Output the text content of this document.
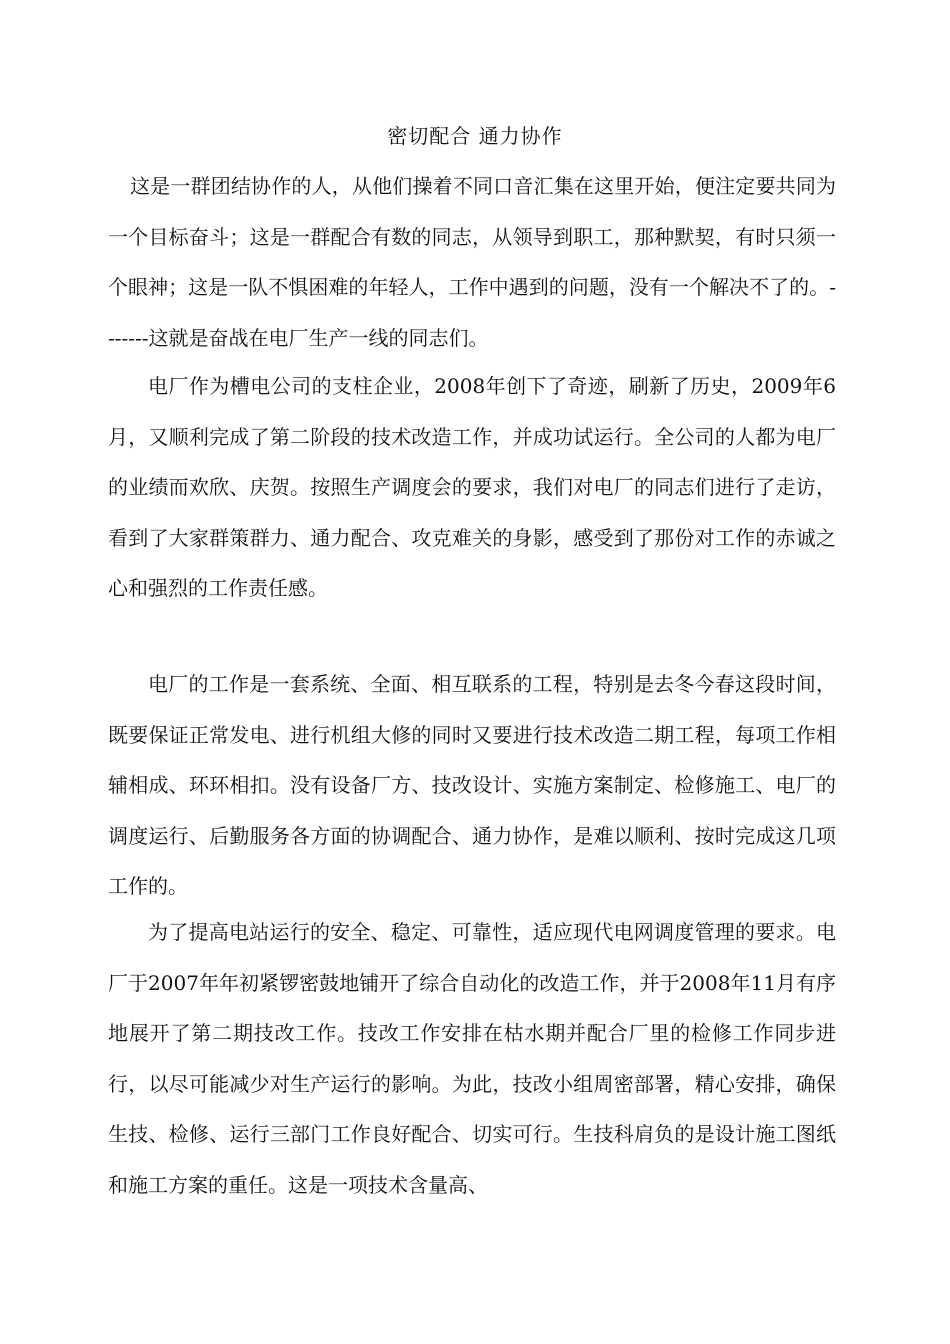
密切配合 通力协作

这是一群团结协作的人，从他们操着不同口音汇集在这里开始，便注定要共同为一个目标奋斗；这是一群配合有数的同志，从领导到职工，那种默契，有时只须一个眼神；这是一队不惧困难的年轻人，工作中遇到的问题，没有一个解决不了的。-------这就是奋战在电厂生产一线的同志们。

电厂作为槽电公司的支柱企业，2008年创下了奇迹，刷新了历史，2009年6月，又顺利完成了第二阶段的技术改造工作，并成功试运行。全公司的人都为电厂的业绩而欢欣、庆贺。按照生产调度会的要求，我们对电厂的同志们进行了走访，看到了大家群策群力、通力配合、攻克难关的身影，感受到了那份对工作的赤诚之心和强烈的工作责任感。

电厂的工作是一套系统、全面、相互联系的工程，特别是去冬今春这段时间，既要保证正常发电、进行机组大修的同时又要进行技术改造二期工程，每项工作相辅相成、环环相扣。没有设备厂方、技改设计、实施方案制定、检修施工、电厂的调度运行、后勤服务各方面的协调配合、通力协作，是难以顺利、按时完成这几项工作的。

为了提高电站运行的安全、稳定、可靠性，适应现代电网调度管理的要求。电厂于2007年年初紧锣密鼓地铺开了综合自动化的改造工作，并于2008年11月有序地展开了第二期技改工作。技改工作安排在枯水期并配合厂里的检修工作同步进行，以尽可能减少对生产运行的影响。为此，技改小组周密部署，精心安排，确保生技、检修、运行三部门工作良好配合、切实可行。生技科肩负的是设计施工图纸和施工方案的重任。这是一项技术含量高、
